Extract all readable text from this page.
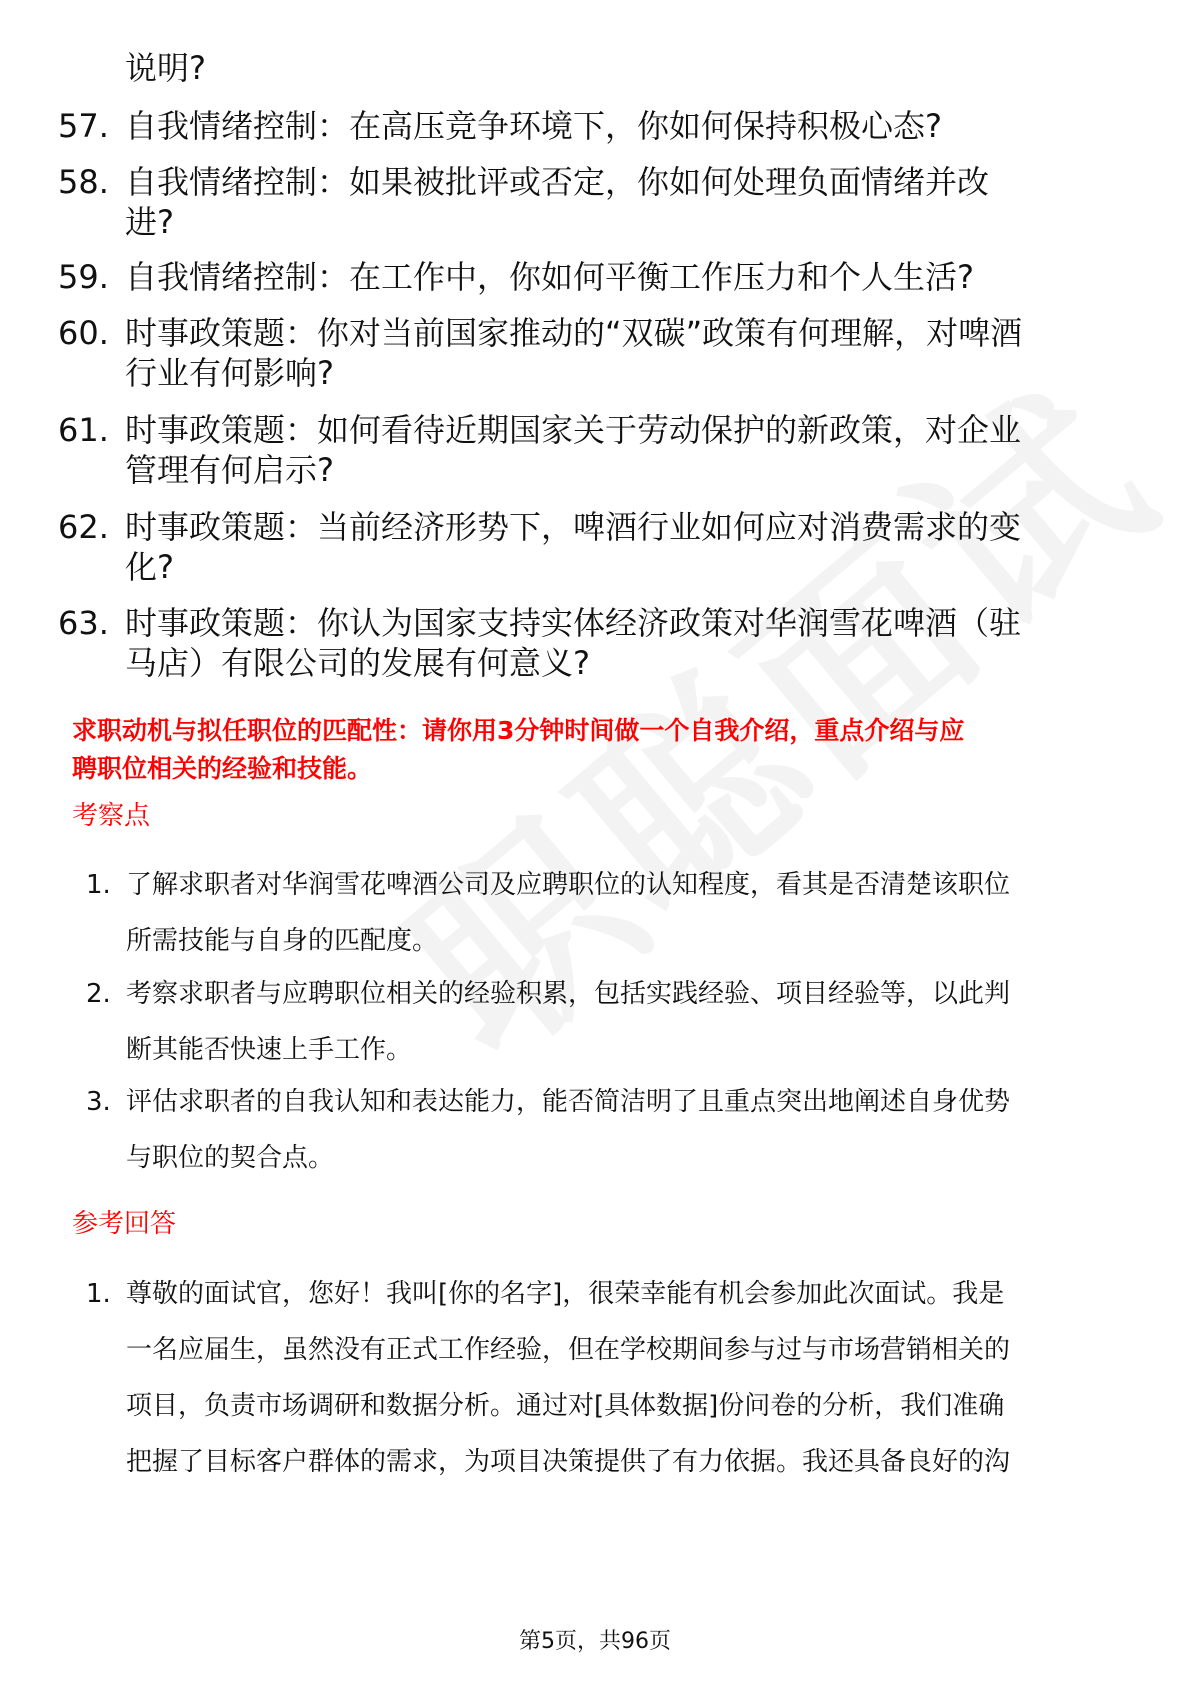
说明?
57. 自我情绪控制：在高压竞争环境下，你如何保持积极心态?
58. 自我情绪控制：如果被批评或否定，你如何处理负面情绪并改
进?
59. 自我情绪控制：在工作中，你如何平衡工作压力和个人生活?
60. 时事政策题：你对当前国家推动的“双碳”政策有何理解，对啤酒
行业有何影响?
61. 时事政策题：如何看待近期国家关于劳动保护的新政策，对企业
管理有何启示?
62. 时事政策题：当前经济形势下，啤酒行业如何应对消费需求的变
化?
63. 时事政策题：你认为国家支持实体经济政策对华润雪花啤酒（驻
马店）有限公司的发展有何意义?
求职动机与拟任职位的匹配性：请你用3分钟时间做一个自我介绍，重点介绍与应
聘职位相关的经验和技能。
考察点
1. 了解求职者对华润雪花啤酒公司及应聘职位的认知程度，看其是否清楚该职位
所需技能与自身的匹配度。
2. 考察求职者与应聘职位相关的经验积累，包括实践经验、项目经验等，以此判
断其能否快速上手工作。
3. 评估求职者的自我认知和表达能力，能否简洁明了且重点突出地阐述自身优势
与职位的契合点。
参考回答
1. 尊敬的面试官，您好！我叫[你的名字]，很荣幸能有机会参加此次面试。我是
一名应届生，虽然没有正式工作经验，但在学校期间参与过与市场营销相关的
项目，负责市场调研和数据分析。通过对[具体数据]份问卷的分析，我们准确
把握了目标客户群体的需求，为项目决策提供了有力依据。我还具备良好的沟
第5页，共96页
